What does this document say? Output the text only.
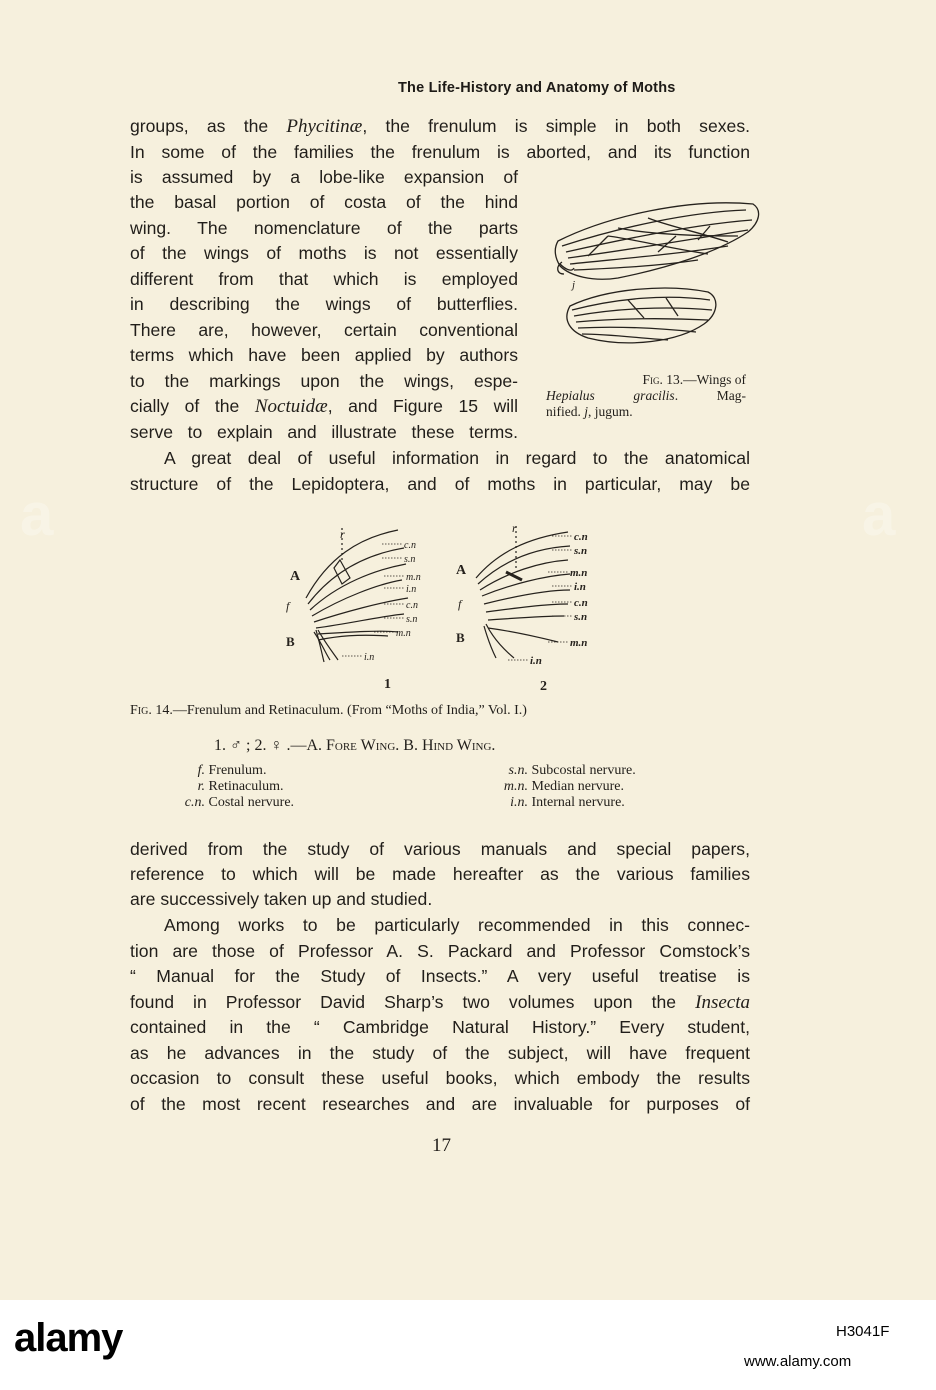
a	a
The Life-History and Anatomy of Moths
groups, as the Phycitinæ, the frenulum is simple in both sexes.
In some of the families the frenulum is aborted, and its function
is assumed by a lobe-like expansion of
the basal portion of costa of the hind
wing. The nomenclature of the parts
of the wings of moths is not essentially
different from that which is employed
in describing the wings of butterflies.
There are, however, certain conventional
terms which have been applied by authors
to the markings upon the wings, espe-
cially of the Noctuidæ, and Figure 15 will
serve to explain and illustrate these terms.
j
Fig. 13.—Wings of
Hepialus gracilis. Mag-
nified. j, jugum.
A great deal of useful information in regard to the anatomical
structure of the Lepidoptera, and of moths in particular, may be
A
f
B
r
A
f
B
r
1	2
c.n
s.n
m.n
i.n
c.n
s.n
m.n
i.n
c.n
s.n
m.n
i.n
c.n
s.n
m.n
i.n
Fig. 14.—Frenulum and Retinaculum. (From “Moths of India,” Vol. I.)
1. ♂ ; 2. ♀ .—A. Fore Wing. B. Hind Wing.
f. Frenulum.
r. Retinaculum.
c.n. Costal nervure.
s.n. Subcostal nervure.
m.n. Median nervure.
i.n. Internal nervure.
derived from the study of various manuals and special papers,
reference to which will be made hereafter as the various families
are successively taken up and studied.
Among works to be particularly recommended in this connec-
tion are those of Professor A. S. Packard and Professor Comstock’s
“ Manual for the Study of Insects.” A very useful treatise is
found in Professor David Sharp’s two volumes upon the Insecta
contained in the “ Cambridge Natural History.” Every student,
as he advances in the study of the subject, will have frequent
occasion to consult these useful books, which embody the results
of the most recent researches and are invaluable for purposes of
17
alamy	H3041F
www.alamy.com
